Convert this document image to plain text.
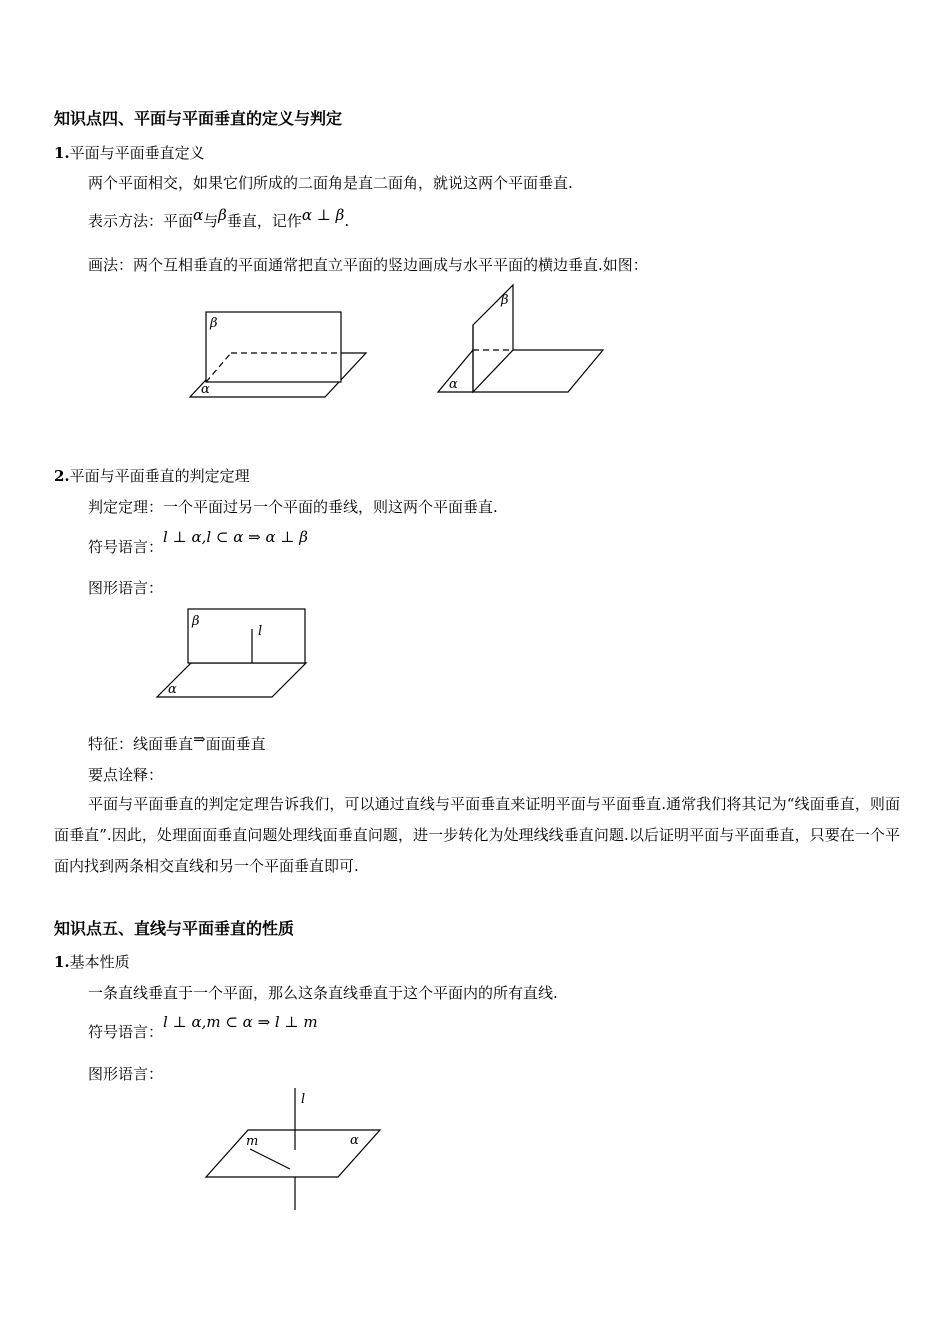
知识点四、平面与平面垂直的定义与判定
1.平面与平面垂直定义
两个平面相交，如果它们所成的二面角是直二面角，就说这两个平面垂直.
表示方法：平面α与β垂直，记作α ⊥ β.
画法：两个互相垂直的平面通常把直立平面的竖边画成与水平平面的横边垂直.如图：
β
α
β
α
2.平面与平面垂直的判定定理
判定定理：一个平面过另一个平面的垂线，则这两个平面垂直.
符号语言：l ⊥ α,l ⊂ α ⇒ α ⊥ β
图形语言：
β
l
α
特征：线面垂直⇒面面垂直
要点诠释：
平面与平面垂直的判定定理告诉我们，可以通过直线与平面垂直来证明平面与平面垂直.通常我们将其记为“线面垂直，则面面垂直”.因此，处理面面垂直问题处理线面垂直问题，进一步转化为处理线线垂直问题.以后证明平面与平面垂直，只要在一个平面内找到两条相交直线和另一个平面垂直即可.
知识点五、直线与平面垂直的性质
1.基本性质
一条直线垂直于一个平面，那么这条直线垂直于这个平面内的所有直线.
符号语言：l ⊥ α,m ⊂ α ⇒ l ⊥ m
图形语言：
l
m	α
